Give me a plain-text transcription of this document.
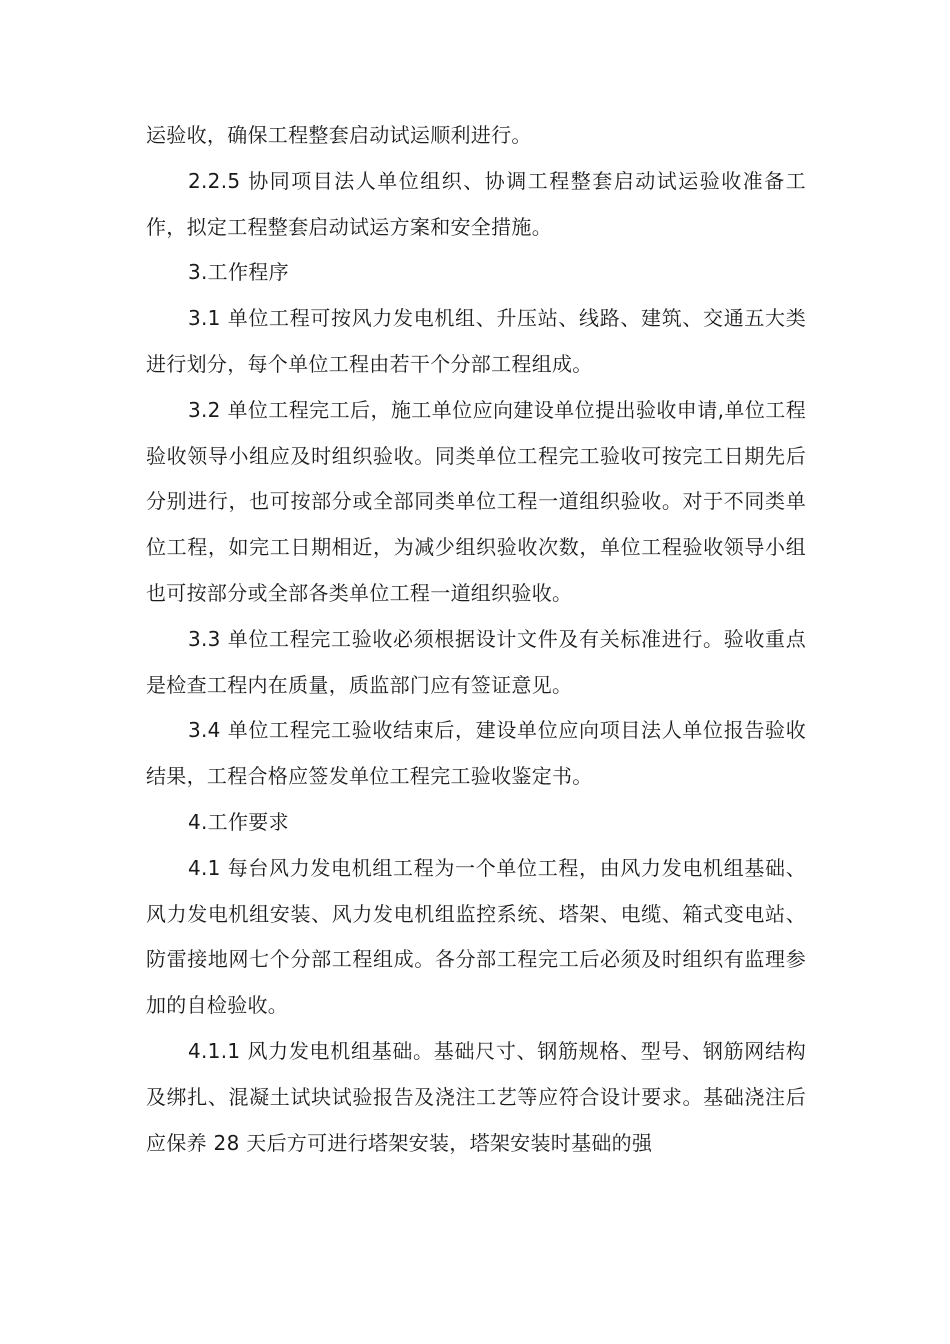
运验收，确保工程整套启动试运顺利进行。

2.2.5 协同项目法人单位组织、协调工程整套启动试运验收准备工作，拟定工程整套启动试运方案和安全措施。

3.工作程序

3.1 单位工程可按风力发电机组、升压站、线路、建筑、交通五大类进行划分，每个单位工程由若干个分部工程组成。

3.2 单位工程完工后，施工单位应向建设单位提出验收申请,单位工程验收领导小组应及时组织验收。同类单位工程完工验收可按完工日期先后分别进行，也可按部分或全部同类单位工程一道组织验收。对于不同类单位工程，如完工日期相近，为减少组织验收次数，单位工程验收领导小组也可按部分或全部各类单位工程一道组织验收。

3.3 单位工程完工验收必须根据设计文件及有关标准进行。验收重点是检查工程内在质量，质监部门应有签证意见。

3.4 单位工程完工验收结束后，建设单位应向项目法人单位报告验收结果，工程合格应签发单位工程完工验收鉴定书。

4.工作要求

4.1 每台风力发电机组工程为一个单位工程，由风力发电机组基础、风力发电机组安装、风力发电机组监控系统、塔架、电缆、箱式变电站、防雷接地网七个分部工程组成。各分部工程完工后必须及时组织有监理参加的自检验收。

4.1.1 风力发电机组基础。基础尺寸、钢筋规格、型号、钢筋网结构及绑扎、混凝土试块试验报告及浇注工艺等应符合设计要求。基础浇注后应保养 28 天后方可进行塔架安装，塔架安装时基础的强
